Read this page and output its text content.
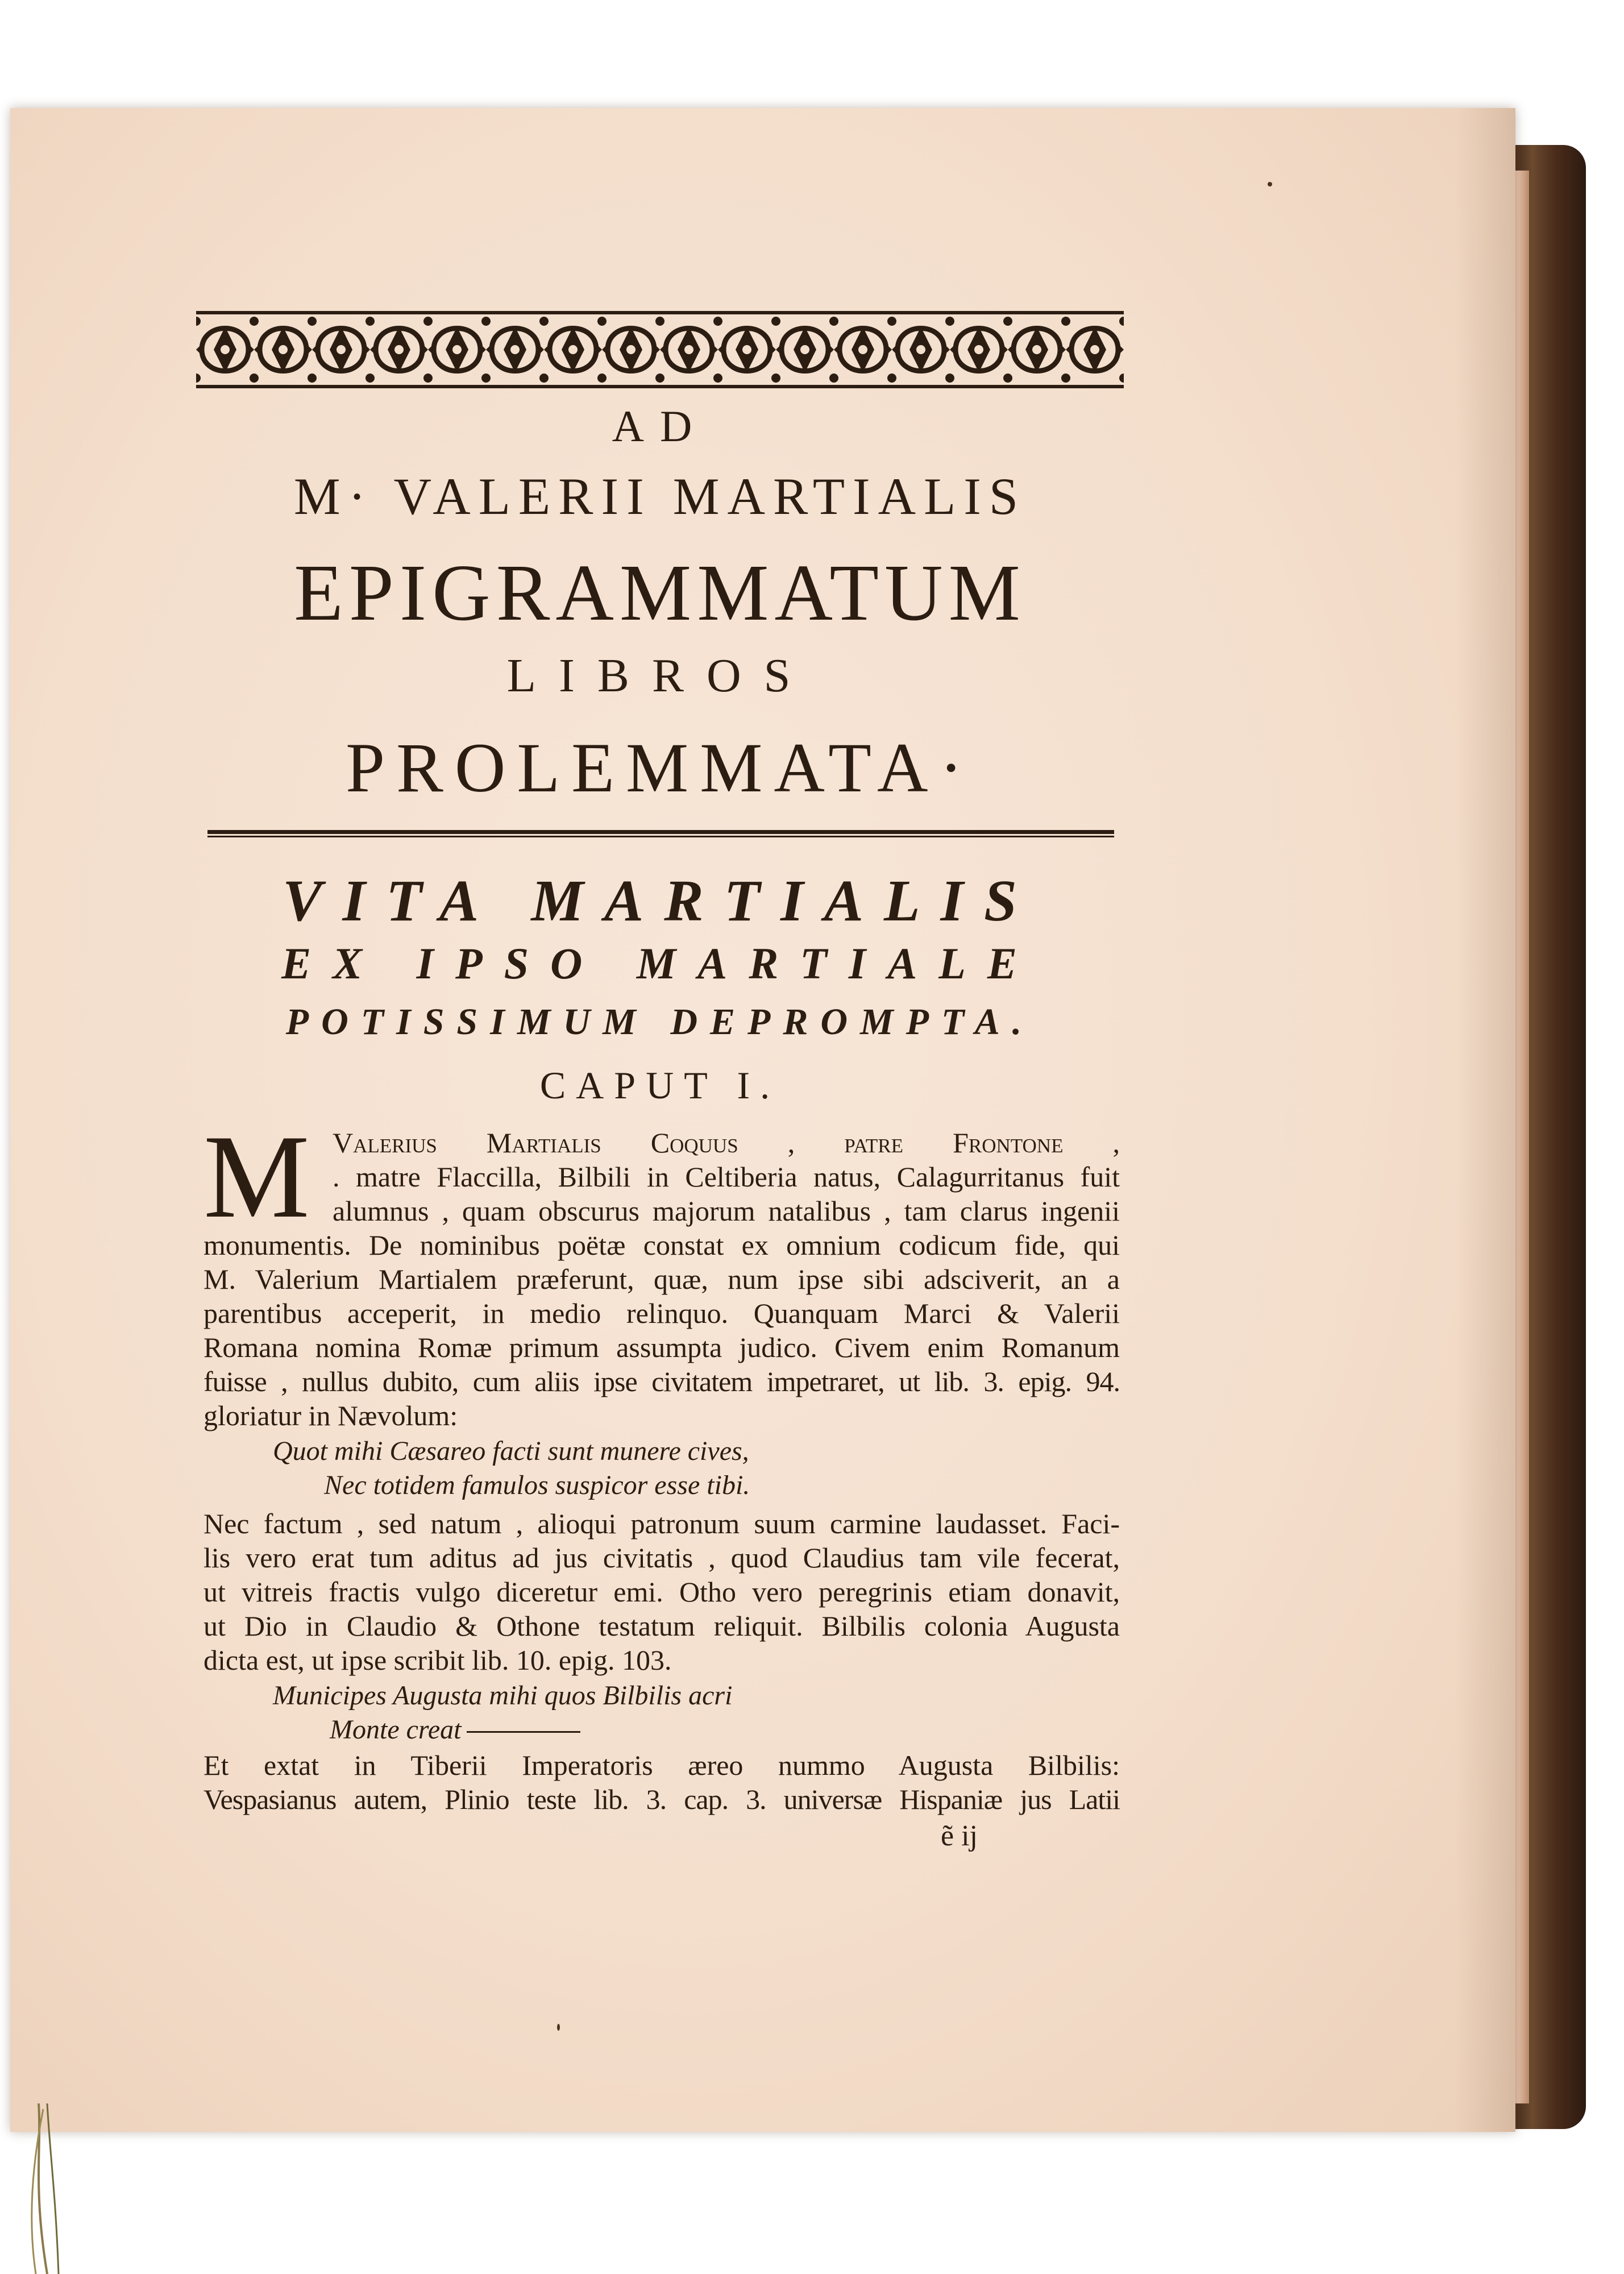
AD
M· VALERII MARTIALIS
EPIGRAMMATUM
LIBROS
PROLEMMATA·
VITA MARTIALIS
EX IPSO MARTIALE
POTISSIMUM DEPROMPTA.
CAPUT I.
M Valerius Martialis Coquus , patre Frontone ,

. matre Flaccilla, Bilbili in Celtiberia natus, Calagurritanus fuit

alumnus , quam obscurus majorum natalibus , tam clarus ingenii

monumentis. De nominibus poëtæ constat ex omnium codicum fide, qui

M. Valerium Martialem præferunt, quæ, num ipse sibi adsciverit, an a

parentibus acceperit, in medio relinquo. Quanquam Marci & Valerii

Romana nomina Romæ primum assumpta judico. Civem enim Romanum

fuisse , nullus dubito, cum aliis ipse civitatem impetraret, ut lib. 3. epig. 94.

gloriatur in Nævolum:

Quot mihi Cæsareo facti sunt munere cives,

Nec totidem famulos suspicor esse tibi.

Nec factum , sed natum , alioqui patronum suum carmine laudasset. Faci-

lis vero erat tum aditus ad jus civitatis , quod Claudius tam vile fecerat,

ut vitreis fractis vulgo diceretur emi. Otho vero peregrinis etiam donavit,

ut Dio in Claudio & Othone testatum reliquit. Bilbilis colonia Augusta

dicta est, ut ipse scribit lib. 10. epig. 103.

Municipes Augusta mihi quos Bilbilis acri

Monte creat

Et extat in Tiberii Imperatoris æreo nummo Augusta Bilbilis:

Vespasianus autem, Plinio teste lib. 3. cap. 3. universæ Hispaniæ jus Latii

ẽ ij
